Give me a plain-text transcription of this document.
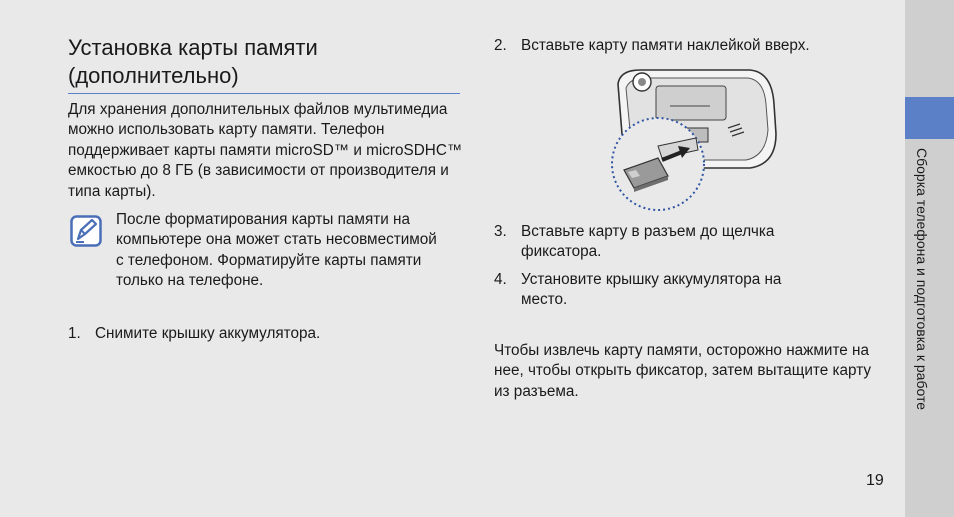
Установка карты памяти (дополнительно)
Для хранения дополнительных файлов мультимедиа можно использовать карту памяти. Телефон поддерживает карты памяти microSD™ и microSDHC™ емкостью до 8 ГБ (в зависимости от производителя и типа карты).
После форматирования карты памяти на компьютере она может стать несовместимой с телефоном. Форматируйте карты памяти только на телефоне.
1. Снимите крышку аккумулятора.
2. Вставьте карту памяти наклейкой вверх.
3. Вставьте карту в разъем до щелчка фиксатора.
4. Установите крышку аккумулятора на место.
Чтобы извлечь карту памяти, осторожно нажмите на нее, чтобы открыть фиксатор, затем вытащите карту из разъема.
19
Сборка телефона и подготовка к работе
